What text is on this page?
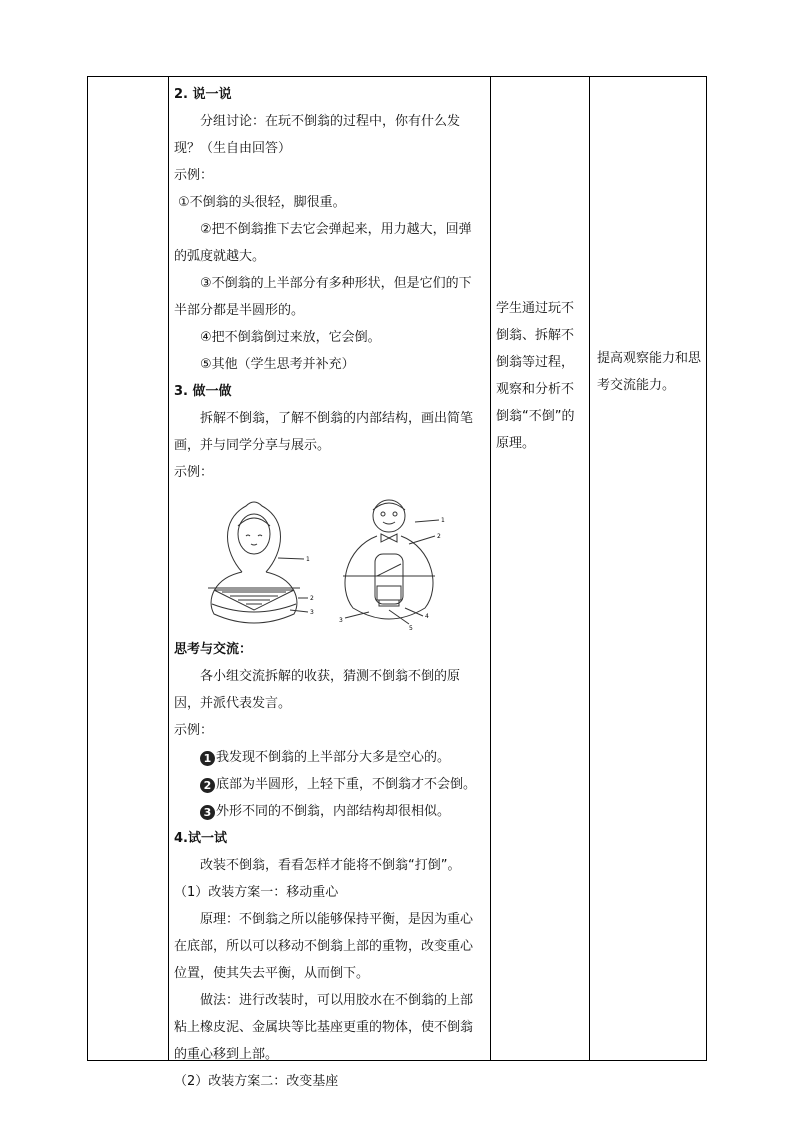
2. 说一说

分组讨论：在玩不倒翁的过程中，你有什么发现？（生自由回答）

示例：

①不倒翁的头很轻，脚很重。

②把不倒翁推下去它会弹起来，用力越大，回弹的弧度就越大。

③不倒翁的上半部分有多种形状，但是它们的下半部分都是半圆形的。

④把不倒翁倒过来放，它会倒。

⑤其他（学生思考并补充）

3. 做一做

拆解不倒翁，了解不倒翁的内部结构，画出简笔画，并与同学分享与展示。

示例：

1
2
3
1
2
3
4
5

思考与交流：

各小组交流拆解的收获，猜测不倒翁不倒的原因，并派代表发言。

示例：

1 我发现不倒翁的上半部分大多是空心的。

2 底部为半圆形，上轻下重，不倒翁才不会倒。

3 外形不同的不倒翁，内部结构却很相似。

4.试一试

改装不倒翁，看看怎样才能将不倒翁“打倒”。

（1）改装方案一：移动重心

原理：不倒翁之所以能够保持平衡，是因为重心在底部，所以可以移动不倒翁上部的重物，改变重心位置，使其失去平衡，从而倒下。

做法：进行改装时，可以用胶水在不倒翁的上部粘上橡皮泥、金属块等比基座更重的物体，使不倒翁的重心移到上部。

（2）改装方案二：改变基座

学生通过玩不倒翁、拆解不倒翁等过程，观察和分析不倒翁“不倒”的原理。

提高观察能力和思考交流能力。
